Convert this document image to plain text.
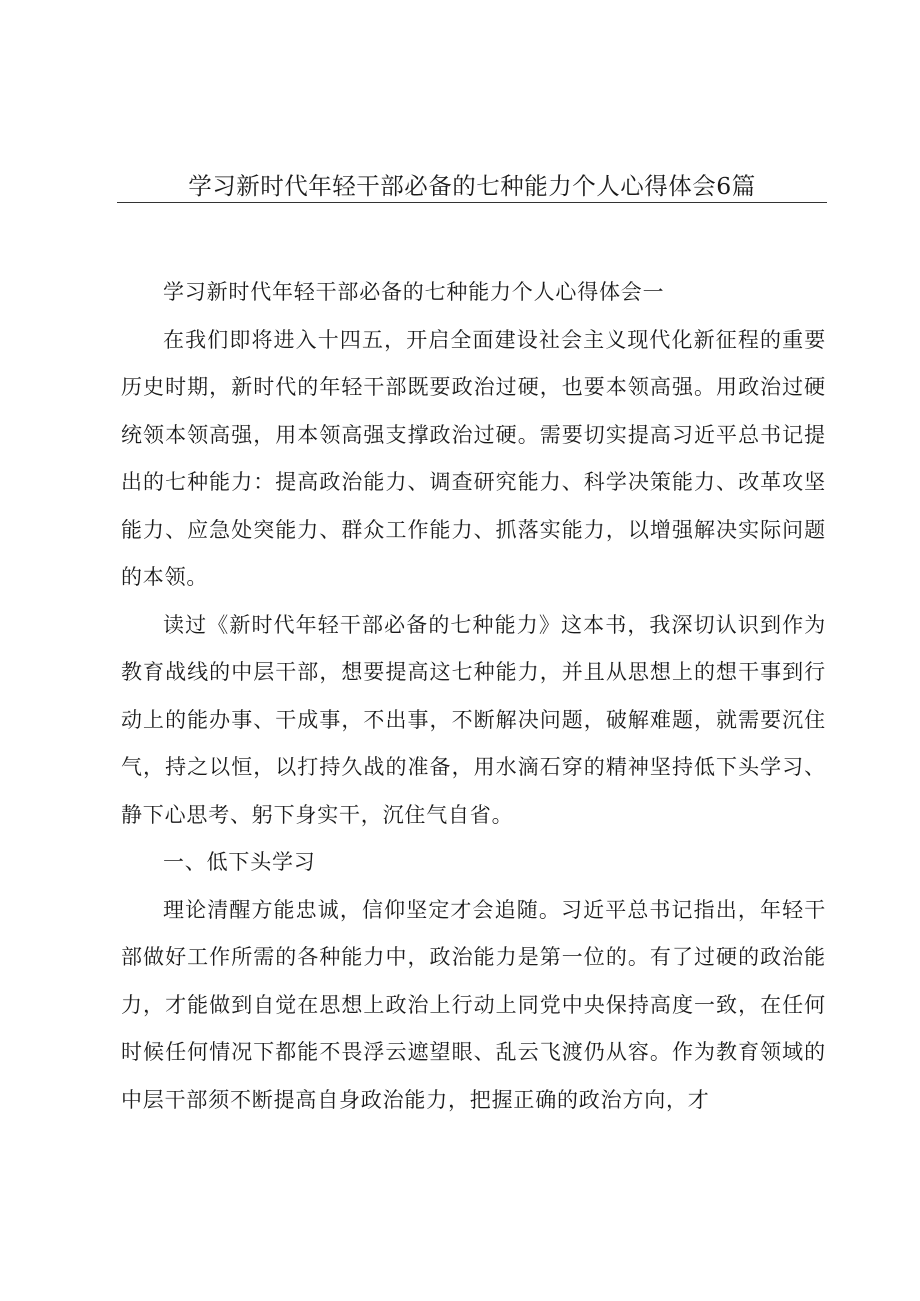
学习新时代年轻干部必备的七种能力个人心得体会6篇

学习新时代年轻干部必备的七种能力个人心得体会一

在我们即将进入十四五，开启全面建设社会主义现代化新征程的重要历史时期，新时代的年轻干部既要政治过硬，也要本领高强。用政治过硬统领本领高强，用本领高强支撑政治过硬。需要切实提高习近平总书记提出的七种能力：提高政治能力、调查研究能力、科学决策能力、改革攻坚能力、应急处突能力、群众工作能力、抓落实能力，以增强解决实际问题的本领。

读过《新时代年轻干部必备的七种能力》这本书，我深切认识到作为教育战线的中层干部，想要提高这七种能力，并且从思想上的想干事到行动上的能办事、干成事，不出事，不断解决问题，破解难题，就需要沉住气，持之以恒，以打持久战的准备，用水滴石穿的精神坚持低下头学习、静下心思考、躬下身实干，沉住气自省。

一、低下头学习

理论清醒方能忠诚，信仰坚定才会追随。习近平总书记指出，年轻干部做好工作所需的各种能力中，政治能力是第一位的。有了过硬的政治能力，才能做到自觉在思想上政治上行动上同党中央保持高度一致，在任何时候任何情况下都能不畏浮云遮望眼、乱云飞渡仍从容。作为教育领域的中层干部须不断提高自身政治能力，把握正确的政治方向，才
